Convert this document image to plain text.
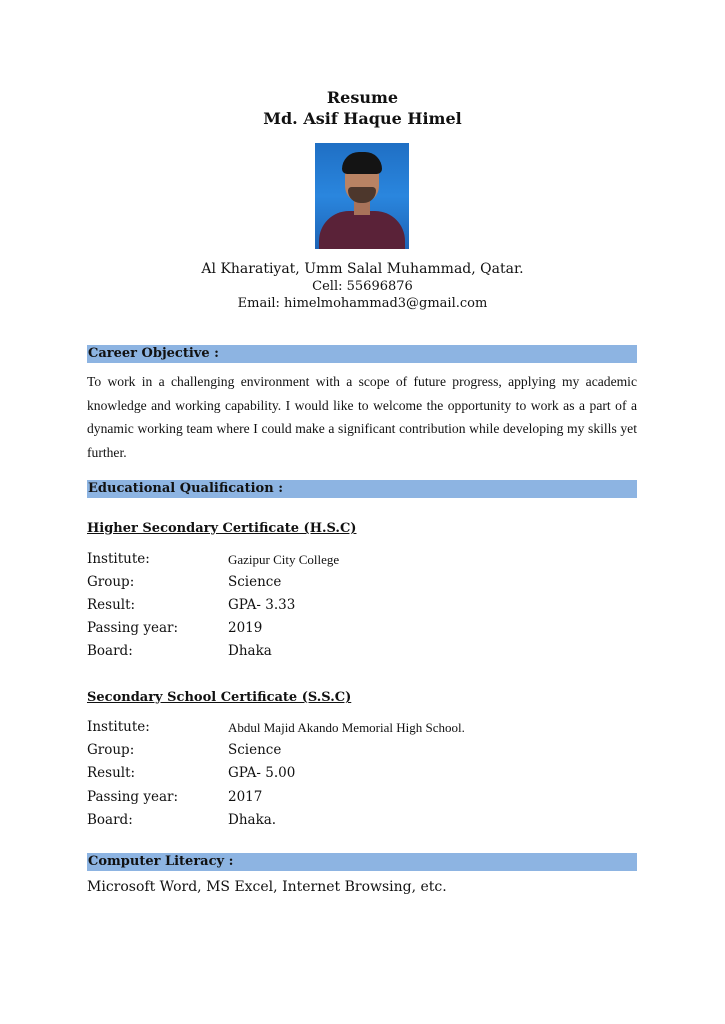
Resume
Md. Asif Haque Himel
Al Kharatiyat, Umm Salal Muhammad, Qatar.
Cell: 55696876
Email: himelmohammad3@gmail.com
Career Objective :
To work in a challenging environment with a scope of future progress, applying my academic knowledge and working capability. I would like to welcome the opportunity to work as a part of a dynamic working team where I could make a significant contribution while developing my skills yet further.
Educational Qualification :
Higher Secondary Certificate (H.S.C)
Institute:	Gazipur City College
Group:	Science
Result:	GPA- 3.33
Passing year:	2019
Board:	Dhaka
Secondary School Certificate (S.S.C)
Institute:	Abdul Majid Akando Memorial High School.
Group:	Science
Result:	GPA- 5.00
Passing year:	2017
Board:	Dhaka.
Computer Literacy :
Microsoft Word, MS Excel, Internet Browsing, etc.
